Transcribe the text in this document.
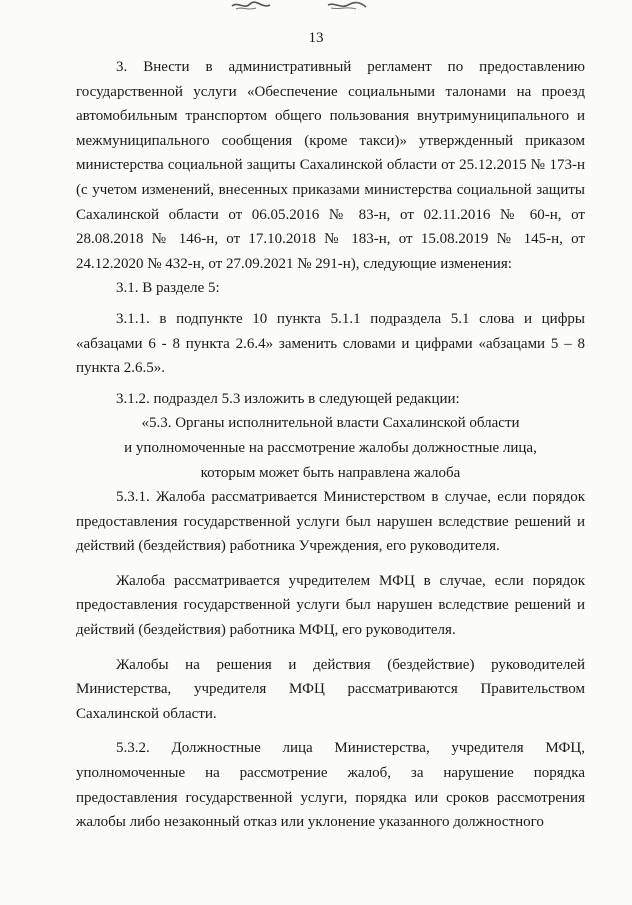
13

3. Внести в административный регламент по предоставлению государственной услуги «Обеспечение социальными талонами на проезд автомобильным транспортом общего пользования внутримуниципального и межмуниципального сообщения (кроме такси)» утвержденный приказом министерства социальной защиты Сахалинской области от 25.12.2015 № 173-н (с учетом изменений, внесенных приказами министерства социальной защиты Сахалинской области от 06.05.2016 № 83-н, от 02.11.2016 № 60-н, от 28.08.2018 № 146-н, от 17.10.2018 № 183-н, от 15.08.2019 № 145-н, от 24.12.2020 № 432-н, от 27.09.2021 № 291-н), следующие изменения:

3.1. В разделе 5:

3.1.1. в подпункте 10 пункта 5.1.1 подраздела 5.1 слова и цифры «абзацами 6 - 8 пункта 2.6.4» заменить словами и цифрами «абзацами 5 – 8 пункта 2.6.5».

3.1.2. подраздел 5.3 изложить в следующей редакции:

«5.3. Органы исполнительной власти Сахалинской области

и уполномоченные на рассмотрение жалобы должностные лица,

которым может быть направлена жалоба

5.3.1. Жалоба рассматривается Министерством в случае, если порядок предоставления государственной услуги был нарушен вследствие решений и действий (бездействия) работника Учреждения, его руководителя.

Жалоба рассматривается учредителем МФЦ в случае, если порядок предоставления государственной услуги был нарушен вследствие решений и действий (бездействия) работника МФЦ, его руководителя.

Жалобы на решения и действия (бездействие) руководителей Министерства, учредителя МФЦ рассматриваются Правительством Сахалинской области.

5.3.2. Должностные лица Министерства, учредителя МФЦ, уполномоченные на рассмотрение жалоб, за нарушение порядка предоставления государственной услуги, порядка или сроков рассмотрения жалобы либо незаконный отказ или уклонение указанного должностного
